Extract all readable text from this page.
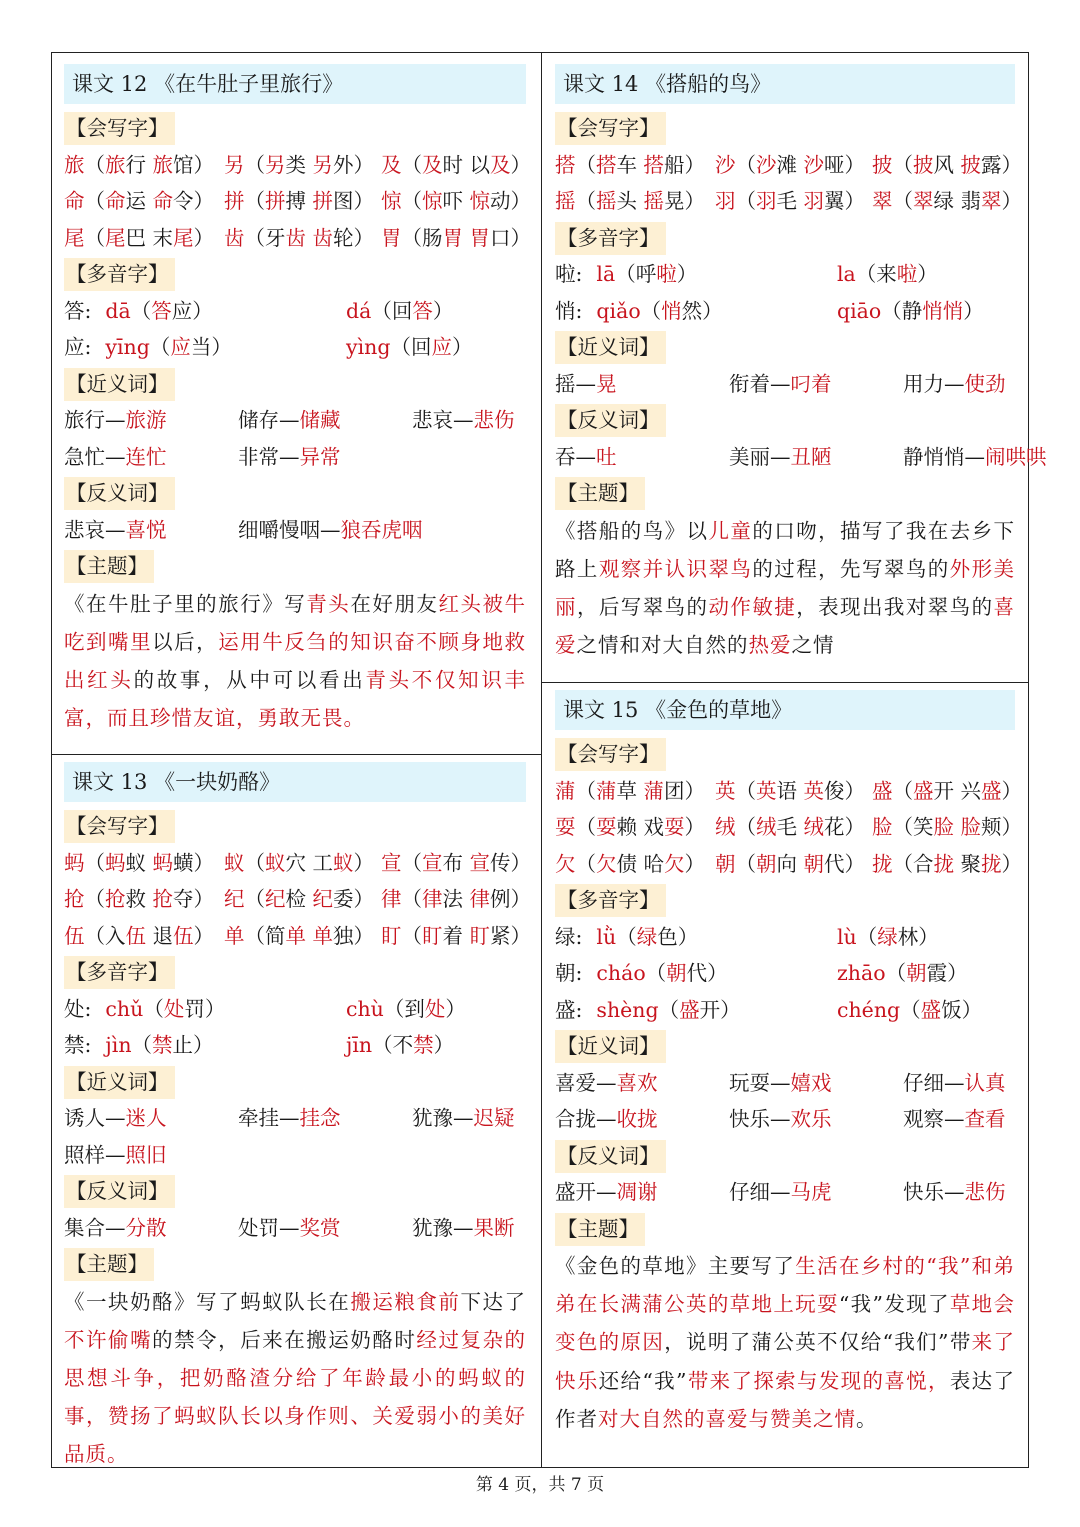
课文 12 《在牛肚子里旅行》
【会写字】
旅（旅行 旅馆） 另（另类 另外） 及（及时 以及）
命（命运 命令） 拼（拼搏 拼图） 惊（惊吓 惊动）
尾（尾巴 末尾） 齿（牙齿 齿轮） 胃（肠胃 胃口）
【多音字】
答: dā（答应）	dá（回答）
应: yīng（应当）	yìng（回应）
【近义词】
旅行—旅游	储存—储藏	悲哀—悲伤
急忙—连忙	非常—异常
【反义词】
悲哀—喜悦	细嚼慢咽—狼吞虎咽
【主题】
《在牛肚子里的旅行》写青头在好朋友红头被牛吃到嘴里以后，运用牛反刍的知识奋不顾身地救出红头的故事，从中可以看出青头不仅知识丰富，而且珍惜友谊，勇敢无畏。
课文 13 《一块奶酪》
【会写字】
蚂（蚂蚁 蚂蟥） 蚁（蚁穴 工蚁） 宣（宣布 宣传）
抢（抢救 抢夺） 纪（纪检 纪委） 律（律法 律例）
伍（入伍 退伍） 单（简单 单独） 盯（盯着 盯紧）
【多音字】
处: chǔ（处罚）	chù（到处）
禁: jìn（禁止）	jīn（不禁）
【近义词】
诱人—迷人	牵挂—挂念	犹豫—迟疑
照样—照旧
【反义词】
集合—分散	处罚—奖赏	犹豫—果断
【主题】
《一块奶酪》写了蚂蚁队长在搬运粮食前下达了不许偷嘴的禁令，后来在搬运奶酪时经过复杂的思想斗争，把奶酪渣分给了年龄最小的蚂蚁的事，赞扬了蚂蚁队长以身作则、关爱弱小的美好品质。
课文 14 《搭船的鸟》
【会写字】
搭（搭车 搭船） 沙（沙滩 沙哑） 披（披风 披露）
摇（摇头 摇晃） 羽（羽毛 羽翼） 翠（翠绿 翡翠）
【多音字】
啦: lā（呼啦）	la（来啦）
悄: qiǎo（悄然）	qiāo（静悄悄）
【近义词】
摇—晃	衔着—叼着	用力—使劲
【反义词】
吞—吐	美丽—丑陋	静悄悄—闹哄哄
【主题】
《搭船的鸟》以儿童的口吻，描写了我在去乡下路上观察并认识翠鸟的过程，先写翠鸟的外形美丽，后写翠鸟的动作敏捷，表现出我对翠鸟的喜爱之情和对大自然的热爱之情
课文 15 《金色的草地》
【会写字】
蒲（蒲草 蒲团） 英（英语 英俊） 盛（盛开 兴盛）
耍（耍赖 戏耍） 绒（绒毛 绒花） 脸（笑脸 脸颊）
欠（欠债 哈欠） 朝（朝向 朝代） 拢（合拢 聚拢）
【多音字】
绿: lǜ（绿色）	lù（绿林）
朝: cháo（朝代）	zhāo（朝霞）
盛: shèng（盛开）	chéng（盛饭）
【近义词】
喜爱—喜欢	玩耍—嬉戏	仔细—认真
合拢—收拢	快乐—欢乐	观察—查看
【反义词】
盛开—凋谢	仔细—马虎	快乐—悲伤
【主题】
《金色的草地》主要写了生活在乡村的“我”和弟弟在长满蒲公英的草地上玩耍“我”发现了草地会变色的原因，说明了蒲公英不仅给“我们”带来了快乐还给“我”带来了探索与发现的喜悦，表达了作者对大自然的喜爱与赞美之情。
第 4 页，共 7 页
